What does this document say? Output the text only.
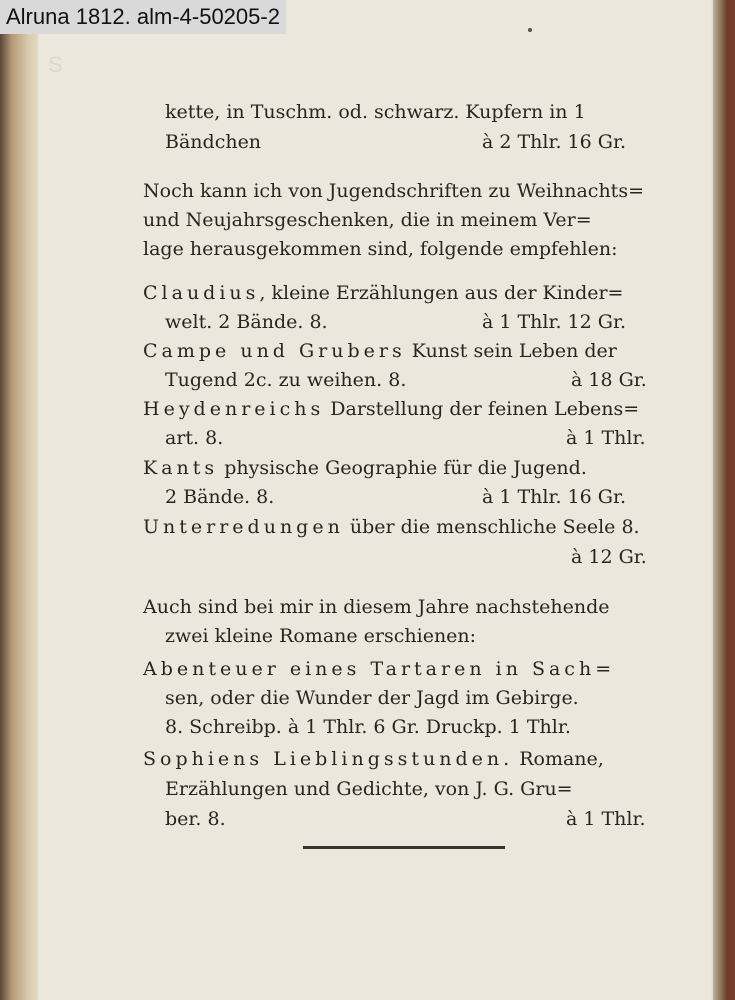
S
kette, in Tuschm. od. schwarz. Kupfern in 1
Bändchen	à 2 Thlr. 16 Gr.
Noch kann ich von Jugendschriften zu Weihnachts=
und Neujahrsgeschenken, die in meinem Ver=
lage herausgekommen sind, folgende empfehlen:
Claudius, kleine Erzählungen aus der Kinder=
welt. 2 Bände. 8.	à 1 Thlr. 12 Gr.
Campe und Grubers Kunst sein Leben der
Tugend 2c. zu weihen. 8.	à 18 Gr.
Heydenreichs Darstellung der feinen Lebens=
art. 8.	à 1 Thlr.
Kants physische Geographie für die Jugend.
2 Bände. 8.	à 1 Thlr. 16 Gr.
Unterredungen über die menschliche Seele 8.
à 12 Gr.
Auch sind bei mir in diesem Jahre nachstehende
zwei kleine Romane erschienen:
Abenteuer eines Tartaren in Sach=
sen, oder die Wunder der Jagd im Gebirge.
8. Schreibp. à 1 Thlr. 6 Gr. Druckp. 1 Thlr.
Sophiens Lieblingsstunden. Romane,
Erzählungen und Gedichte, von J. G. Gru=
ber. 8.	à 1 Thlr.
Alruna 1812. alm-4-50205-2
